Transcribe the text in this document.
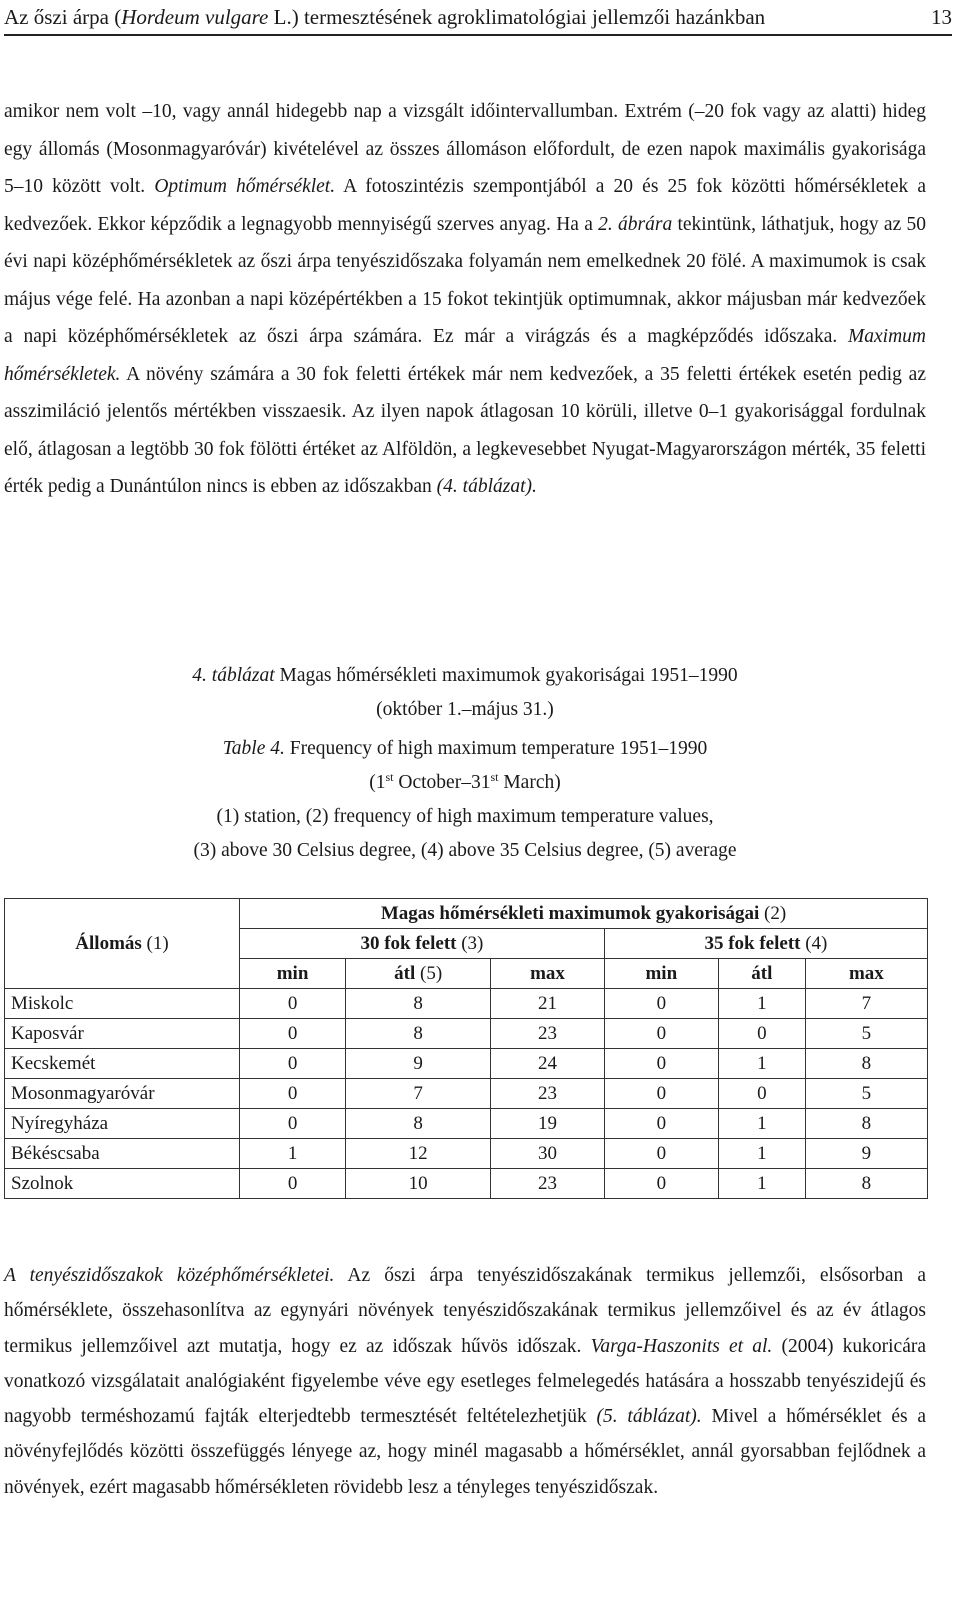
Az őszi árpa (Hordeum vulgare L.) termesztésének agroklimatológiai jellemzői hazánkban	13
amikor nem volt –10, vagy annál hidegebb nap a vizsgált időintervallumban. Extrém (–20 fok vagy az alatti) hideg egy állomás (Mosonmagyaróvár) kivételével az összes állomáson előfordult, de ezen napok maximális gyakorisága 5–10 között volt. Optimum hőmérséklet. A fotoszintézis szempontjából a 20 és 25 fok közötti hőmérsékletek a kedvezőek. Ekkor képződik a legnagyobb mennyiségű szerves anyag. Ha a 2. ábrára tekintünk, láthatjuk, hogy az 50 évi napi középhőmérsékletek az őszi árpa tenyészidőszaka folyamán nem emelkednek 20 fölé. A maximumok is csak május vége felé. Ha azonban a napi középértékben a 15 fokot tekintjük optimumnak, akkor májusban már kedvezőek a napi középhőmérsékletek az őszi árpa számára. Ez már a virágzás és a magképződés időszaka. Maximum hőmérsékletek. A növény számára a 30 fok feletti értékek már nem kedvezőek, a 35 feletti értékek esetén pedig az asszimiláció jelentős mértékben visszaesik. Az ilyen napok átlagosan 10 körüli, illetve 0–1 gyakorisággal fordulnak elő, átlagosan a legtöbb 30 fok fölötti értéket az Alföldön, a legkevesebbet Nyugat-Magyarországon mérték, 35 feletti érték pedig a Dunántúlon nincs is ebben az időszakban (4. táblázat).
4. táblázat Magas hőmérsékleti maximumok gyakoriságai 1951–1990
(október 1.–május 31.)
Table 4. Frequency of high maximum temperature 1951–1990
(1st October–31st March)
(1) station, (2) frequency of high maximum temperature values,
(3) above 30 Celsius degree, (4) above 35 Celsius degree, (5) average
Állomás (1)	Magas hőmérsékleti maximumok gyakoriságai (2)					
	30 fok felett (3)			35 fok felett (4)		
	min	átl (5)	max	min	átl	max
Miskolc	0	8	21	0	1	7
Kaposvár	0	8	23	0	0	5
Kecskemét	0	9	24	0	1	8
Mosonmagyaróvár	0	7	23	0	0	5
Nyíregyháza	0	8	19	0	1	8
Békéscsaba	1	12	30	0	1	9
Szolnok	0	10	23	0	1	8
A tenyészidőszakok középhőmérsékletei. Az őszi árpa tenyészidőszakának termikus jellemzői, elsősorban a hőmérséklete, összehasonlítva az egynyári növények tenyészidőszakának termikus jellemzőivel és az év átlagos termikus jellemzőivel azt mutatja, hogy ez az időszak hűvös időszak. Varga-Haszonits et al. (2004) kukoricára vonatkozó vizsgálatait analógiaként figyelembe véve egy esetleges felmelegedés hatására a hosszabb tenyészidejű és nagyobb terméshozamú fajták elterjedtebb termesztését feltételezhetjük (5. táblázat). Mivel a hőmérséklet és a növényfejlődés közötti összefüggés lényege az, hogy minél magasabb a hőmérséklet, annál gyorsabban fejlődnek a növények, ezért magasabb hőmérsékleten rövidebb lesz a tényleges tenyészidőszak.
